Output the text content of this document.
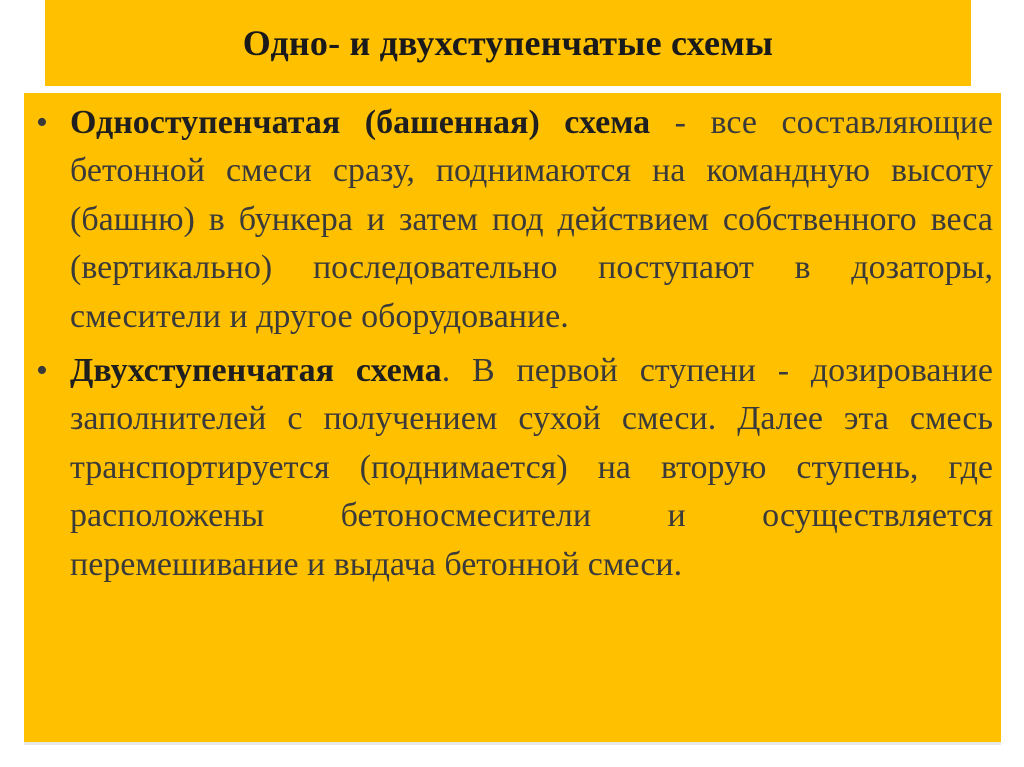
Одно- и двухступенчатые схемы
• Одноступенчатая (башенная) схема - все составляющие бетонной смеси сразу, поднимаются на командную высоту (башню) в бункера и затем под действием собственного веса (вертикально) последовательно поступают в дозаторы, смесители и другое оборудование.

• Двухступенчатая схема. В первой ступени - дозирование заполнителей с получением сухой смеси. Далее эта смесь транспортируется (поднимается) на вторую ступень, где расположены бетоносмесители и осуществляется перемешивание и выдача бетонной смеси.
